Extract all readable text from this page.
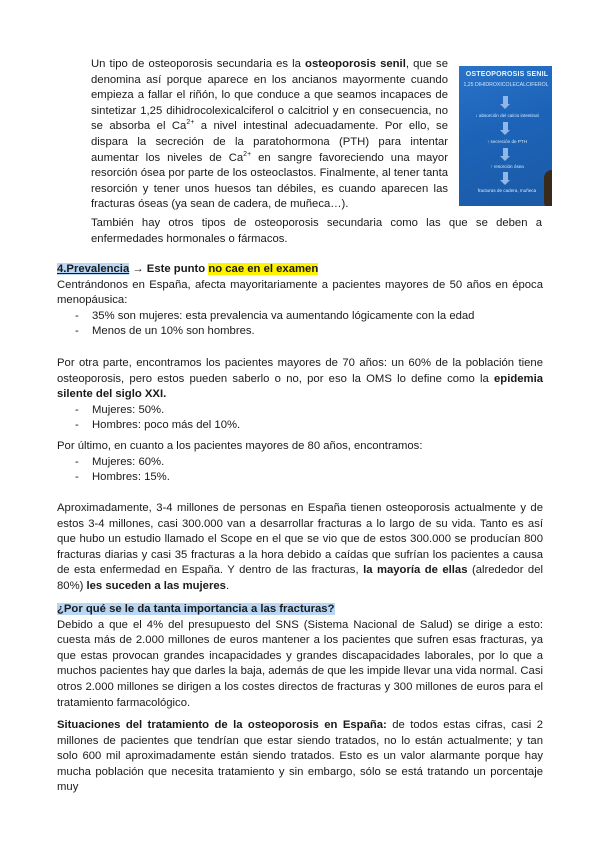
Un tipo de osteoporosis secundaria es la osteoporosis senil, que se denomina así porque aparece en los ancianos mayormente cuando empieza a fallar el riñón, lo que conduce a que seamos incapaces de sintetizar 1,25 dihidrocolexicalciferol o calcitriol y en consecuencia, no se absorba el $Ca^{2+}$ a nivel intestinal adecuadamente. Por ello, se dispara la secreción de la paratohormona (PTH) para intentar aumentar los niveles de $Ca^{2+}$ en sangre favoreciendo una mayor resorción ósea por parte de los osteoclastos. Finalmente, al tener tanta resorción y tener unos huesos tan débiles, es cuando aparecen las fracturas óseas (ya sean de cadera, de muñeca…).

OSTEOPOROSIS SENIL
1,25 DIHIDROXICOLECALCIFEROL
↓ absorción del calcio intestinal
↑ secreción de PTH
↑ resorción ósea
fracturas de cadera, muñeca

También hay otros tipos de osteoporosis secundaria como las que se deben a enfermedades hormonales o fármacos.

4.Prevalencia → Este punto no cae en el examen

Centrándonos en España, afecta mayoritariamente a pacientes mayores de 50 años en época menopáusica:

- 35% son mujeres: esta prevalencia va aumentando lógicamente con la edad
- Menos de un 10% son hombres.

Por otra parte, encontramos los pacientes mayores de 70 años: un 60% de la población tiene osteoporosis, pero estos pueden saberlo o no, por eso la OMS lo define como la epidemia silente del siglo XXI.

- Mujeres: 50%.
- Hombres: poco más del 10%.

Por último, en cuanto a los pacientes mayores de 80 años, encontramos:

- Mujeres: 60%.
- Hombres: 15%.

Aproximadamente, 3-4 millones de personas en España tienen osteoporosis actualmente y de estos 3-4 millones, casi 300.000 van a desarrollar fracturas a lo largo de su vida. Tanto es así que hubo un estudio llamado el Scope en el que se vio que de estos 300.000 se producían 800 fracturas diarias y casi 35 fracturas a la hora debido a caídas que sufrían los pacientes a causa de esta enfermedad en España. Y dentro de las fracturas, la mayoría de ellas (alrededor del 80%) les suceden a las mujeres.

¿Por qué se le da tanta importancia a las fracturas?

Debido a que el 4% del presupuesto del SNS (Sistema Nacional de Salud) se dirige a esto: cuesta más de 2.000 millones de euros mantener a los pacientes que sufren esas fracturas, ya que estas provocan grandes incapacidades y grandes discapacidades laborales, por lo que a muchos pacientes hay que darles la baja, además de que les impide llevar una vida normal. Casi otros 2.000 millones se dirigen a los costes directos de fracturas y 300 millones de euros para el tratamiento farmacológico.

Situaciones del tratamiento de la osteoporosis en España: de todos estas cifras, casi 2 millones de pacientes que tendrían que estar siendo tratados, no lo están actualmente; y tan solo 600 mil aproximadamente están siendo tratados. Esto es un valor alarmante porque hay mucha población que necesita tratamiento y sin embargo, sólo se está tratando un porcentaje muy
